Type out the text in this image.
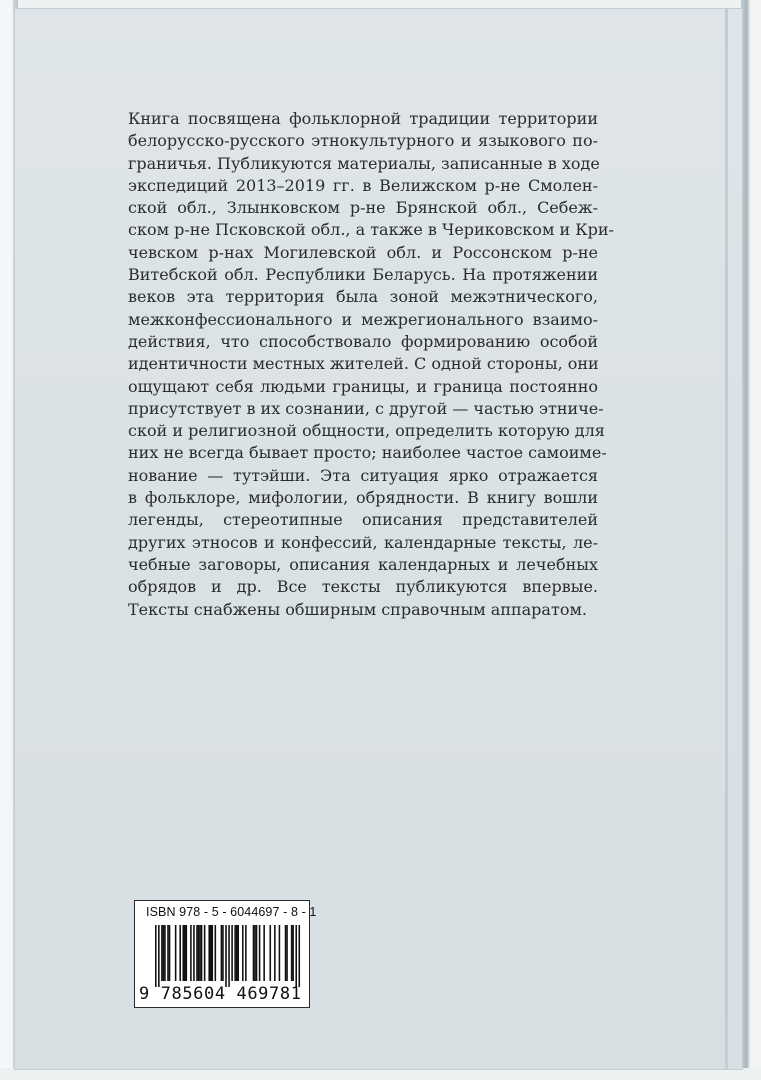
Книга посвящена фольклорной традиции территории
белорусско-русского этнокультурного и языкового по-
граничья. Публикуются материалы, записанные в ходе
экспедиций 2013–2019 гг. в Велижском р-не Смолен-
ской обл., Злынковском р-не Брянской обл., Себеж-
ском р-не Псковской обл., а также в Чериковском и Кри-
чевском р-нах Могилевской обл. и Россонском р-не
Витебской обл. Республики Беларусь. На протяжении
веков эта территория была зоной межэтнического,
межконфессионального и межрегионального взаимо-
действия, что способствовало формированию особой
идентичности местных жителей. С одной стороны, они
ощущают себя людьми границы, и граница постоянно
присутствует в их сознании, с другой — частью этниче-
ской и религиозной общности, определить которую для
них не всегда бывает просто; наиболее частое самоиме-
нование — тутэйши. Эта ситуация ярко отражается
в фольклоре, мифологии, обрядности. В книгу вошли
легенды, стереотипные описания представителей
других этносов и конфессий, календарные тексты, ле-
чебные заговоры, описания календарных и лечебных
обрядов и др. Все тексты публикуются впервые.
Тексты снабжены обширным справочным аппаратом.
ISBN 978 - 5 - 6044697 - 8 - 1
9 785604 469781
